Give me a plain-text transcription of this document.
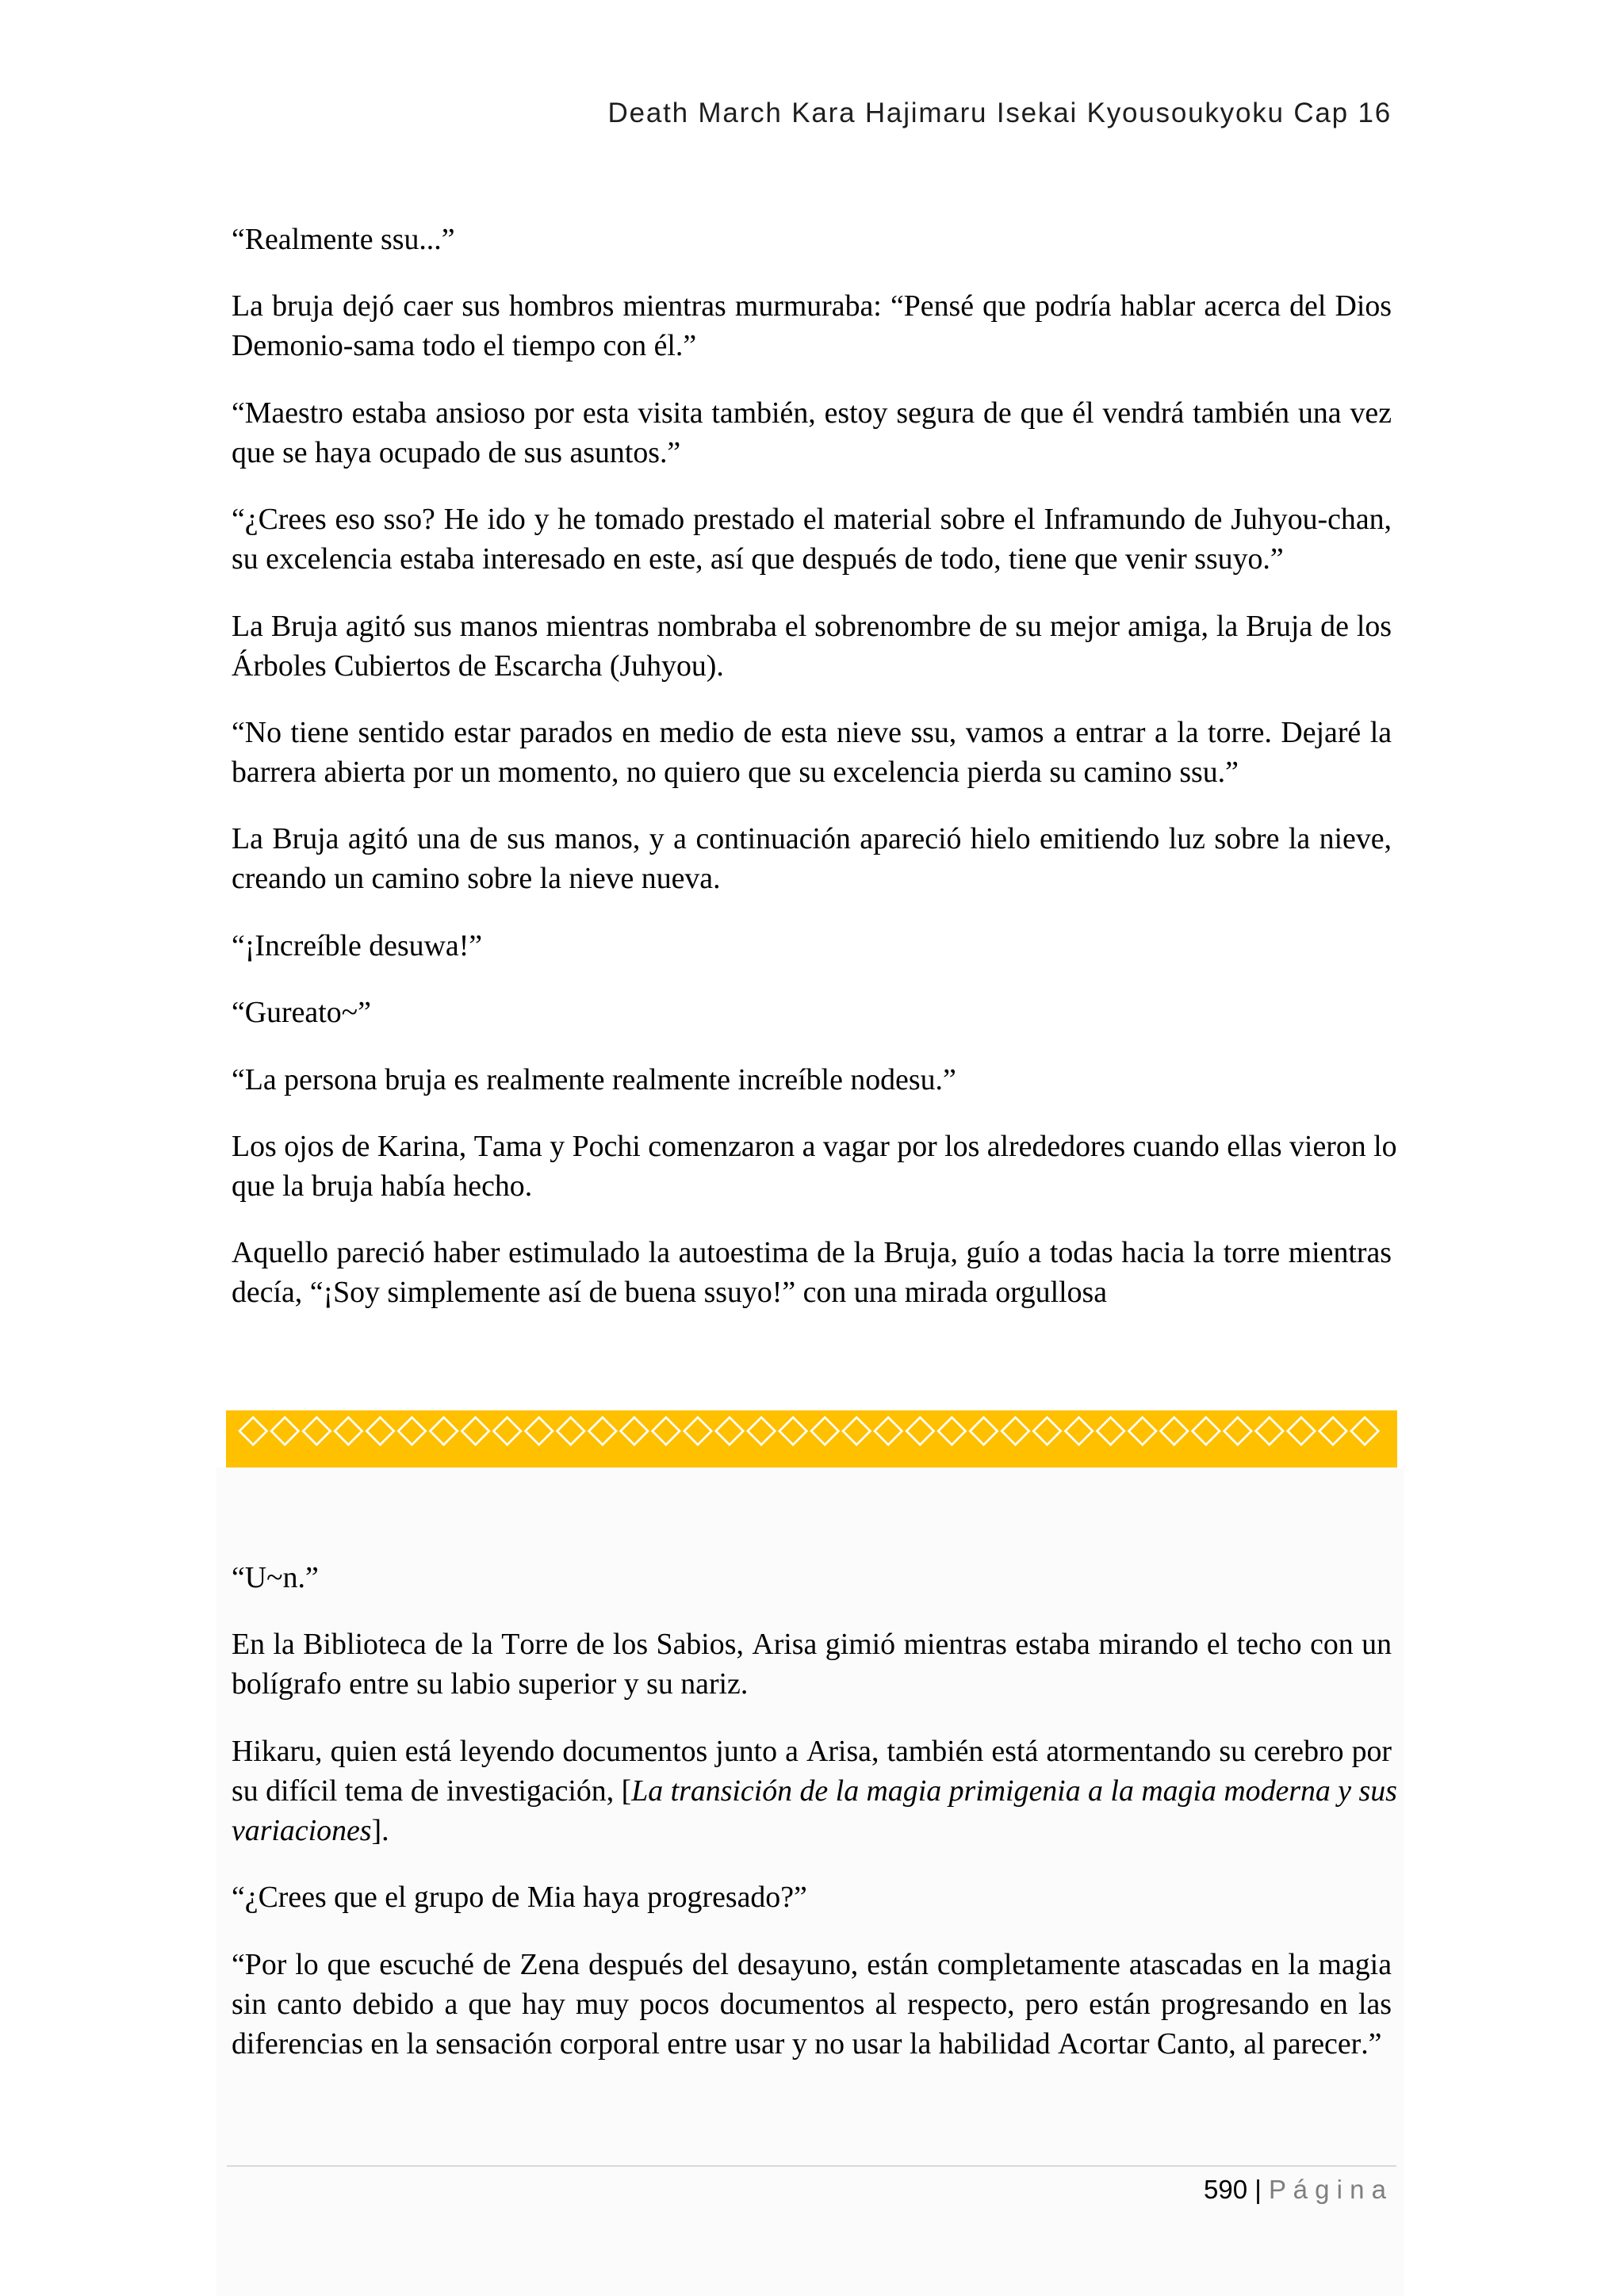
Death March Kara Hajimaru Isekai Kyousoukyoku Cap 16
“Realmente ssu...”
La bruja dejó caer sus hombros mientras murmuraba: “Pensé que podría hablar acerca del Dios
Demonio-sama todo el tiempo con él.”
“Maestro estaba ansioso por esta visita también, estoy segura de que él vendrá también una vez
que se haya ocupado de sus asuntos.”
“¿Crees eso sso? He ido y he tomado prestado el material sobre el Inframundo de Juhyou-chan,
su excelencia estaba interesado en este, así que después de todo, tiene que venir ssuyo.”
La Bruja agitó sus manos mientras nombraba el sobrenombre de su mejor amiga, la Bruja de los
Árboles Cubiertos de Escarcha (Juhyou).
“No tiene sentido estar parados en medio de esta nieve ssu, vamos a entrar a la torre. Dejaré la
barrera abierta por un momento, no quiero que su excelencia pierda su camino ssu.”
La Bruja agitó una de sus manos, y a continuación apareció hielo emitiendo luz sobre la nieve,
creando un camino sobre la nieve nueva.
“¡Increíble desuwa!”
“Gureato~”
“La persona bruja es realmente realmente increíble nodesu.”
Los ojos de Karina, Tama y Pochi comenzaron a vagar por los alrededores cuando ellas vieron lo
que la bruja había hecho.
Aquello pareció haber estimulado la autoestima de la Bruja, guío a todas hacia la torre mientras
decía, “¡Soy simplemente así de buena ssuyo!” con una mirada orgullosa
◇◇◇◇◇◇◇◇◇◇◇◇◇◇◇◇◇◇◇◇◇◇◇◇◇◇◇◇◇◇◇◇◇◇◇◇
“U~n.”
En la Biblioteca de la Torre de los Sabios, Arisa gimió mientras estaba mirando el techo con un
bolígrafo entre su labio superior y su nariz.
Hikaru, quien está leyendo documentos junto a Arisa, también está atormentando su cerebro por
su difícil tema de investigación, [La transición de la magia primigenia a la magia moderna y sus
variaciones].
“¿Crees que el grupo de Mia haya progresado?”
“Por lo que escuché de Zena después del desayuno, están completamente atascadas en la magia
sin canto debido a que hay muy pocos documentos al respecto, pero están progresando en las
diferencias en la sensación corporal entre usar y no usar la habilidad Acortar Canto, al parecer.”
590 | P á g i n a
